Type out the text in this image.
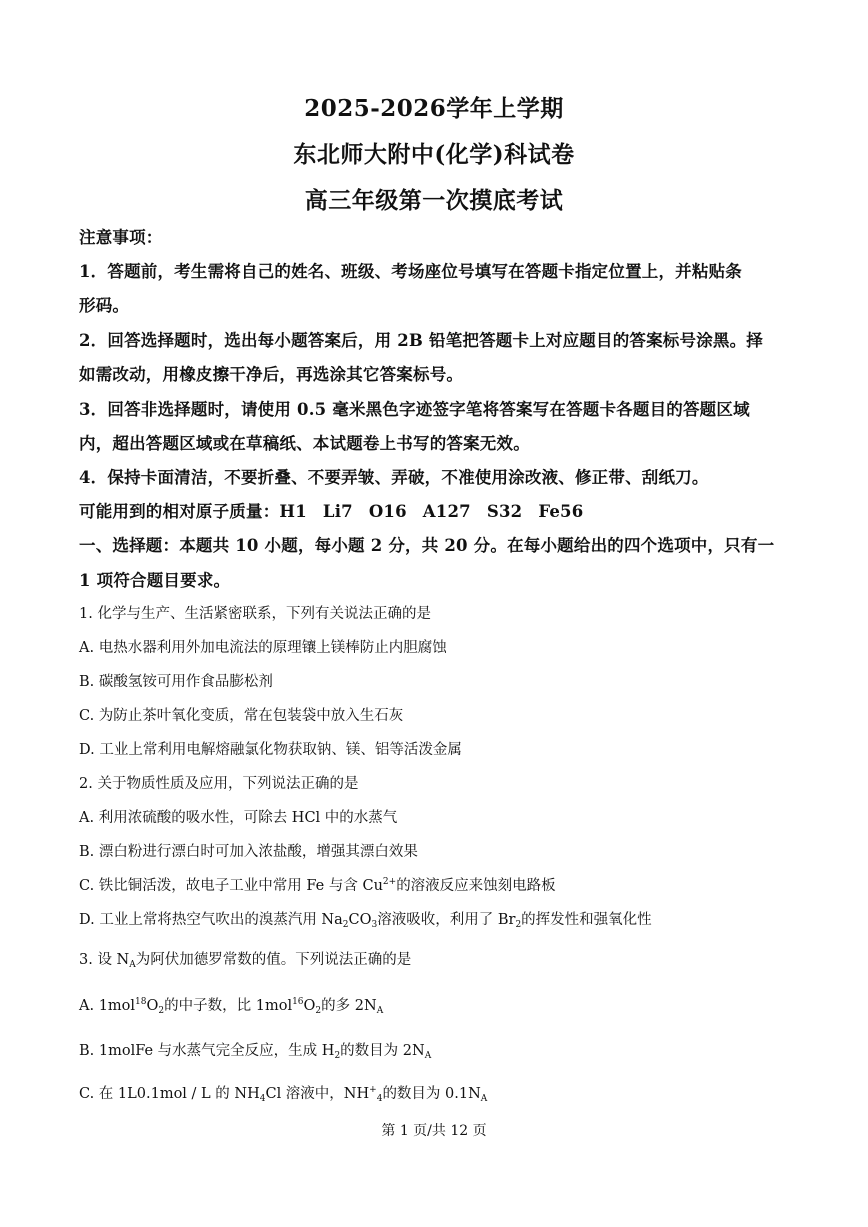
2025-2026学年上学期
东北师大附中(化学)科试卷
高三年级第一次摸底考试
注意事项：
1．答题前，考生需将自己的姓名、班级、考场座位号填写在答题卡指定位置上，并粘贴条
形码。
2．回答选择题时，选出每小题答案后，用 2B 铅笔把答题卡上对应题目的答案标号涂黑。择
如需改动，用橡皮擦干净后，再选涂其它答案标号。
3．回答非选择题时，请使用 0.5 毫米黑色字迹签字笔将答案写在答题卡各题目的答题区域
内，超出答题区域或在草稿纸、本试题卷上书写的答案无效。
4．保持卡面清洁，不要折叠、不要弄皱、弄破，不准使用涂改液、修正带、刮纸刀。
可能用到的相对原子质量：H1 Li7 O16 A127 S32 Fe56
一、选择题：本题共 10 小题，每小题 2 分，共 20 分。在每小题给出的四个选项中，只有一
1 项符合题目要求。
1. 化学与生产、生活紧密联系，下列有关说法正确的是
A. 电热水器利用外加电流法的原理镶上镁棒防止内胆腐蚀
B. 碳酸氢铵可用作食品膨松剂
C. 为防止茶叶氧化变质，常在包装袋中放入生石灰
D. 工业上常利用电解熔融氯化物获取钠、镁、铝等活泼金属
2. 关于物质性质及应用，下列说法正确的是
A. 利用浓硫酸的吸水性，可除去 HCl 中的水蒸气
B. 漂白粉进行漂白时可加入浓盐酸，增强其漂白效果
C. 铁比铜活泼，故电子工业中常用 Fe 与含 $Cu^{2+}$的溶液反应来蚀刻电路板
D. 工业上常将热空气吹出的溴蒸汽用 $Na_2CO_3$溶液吸收，利用了 $Br_2$的挥发性和强氧化性
3. 设 $N_A$为阿伏加德罗常数的值。下列说法正确的是
A. $1mol^{18}O_2$的中子数，比 $1mol^{16}O_2$的多 $2N_A$
B. 1molFe 与水蒸气完全反应，生成 $H_2$的数目为 $2N_A$
C. 在 1L0.1mol / L 的 $NH_4Cl$ 溶液中，$NH^+_4$的数目为 $0.1N_A$
第 1 页/共 12 页
